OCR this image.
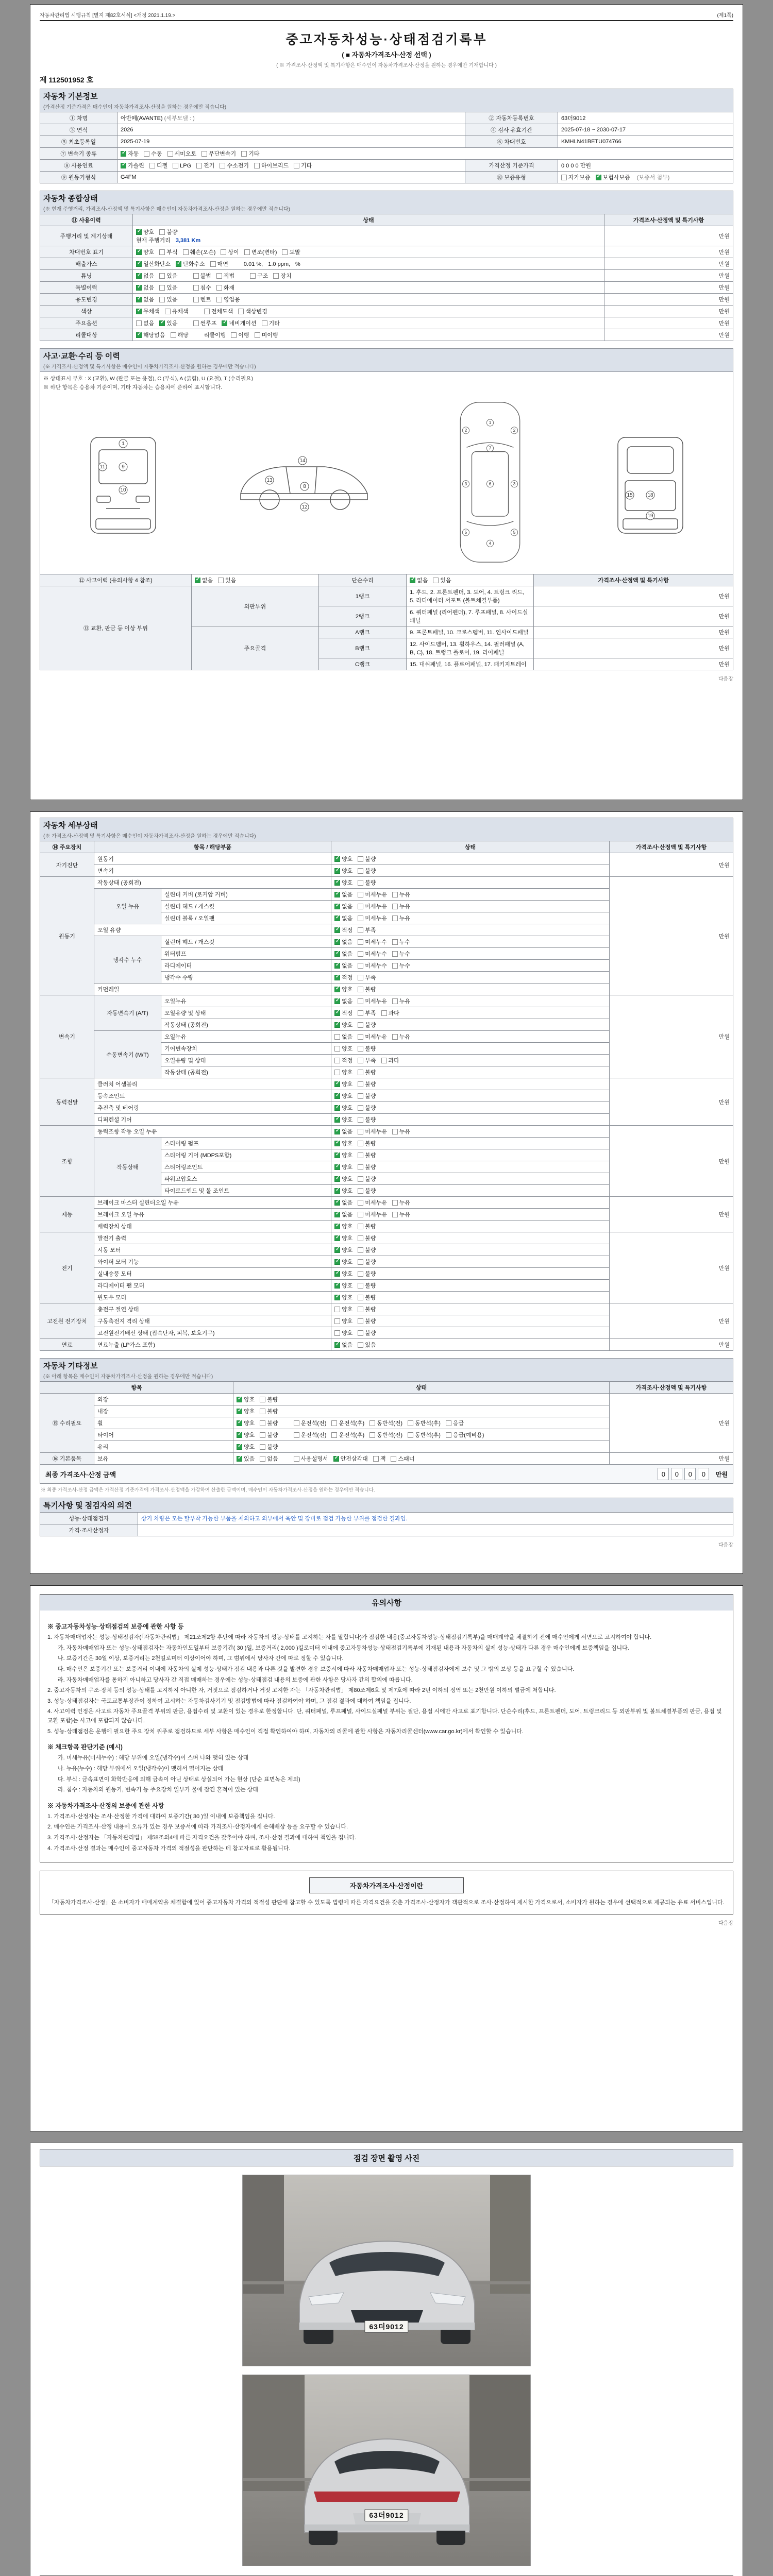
자동차관리법 시행규칙 [별지 제82호서식] <개정 2021.1.19.>	(제1쪽)
중고자동차성능·상태점검기록부
( ■ 자동차가격조사·산정 선택 )
( ※ 가격조사·산정액 및 특기사항은 매수인이 자동차가격조사·산정을 원하는 경우에만 기재합니다 )
제 112501952 호
자동차 기본정보
(가격산정 기준가격은 매수인이 자동차가격조사·산정을 원하는 경우에만 적습니다)			

① 차명	아반떼(AVANTE) (세부모델 : )	② 자동차등록번호	63더9012
③ 연식	2026	④ 검사 유효기간	2025-07-18 ~ 2030-07-17
⑤ 최초등록일	2025-07-19	⑥ 차대번호	KMHLN41BETU074766
⑦ 변속기 종류	✓자동 수동 세미오토 무단변속기 기타
⑧ 사용연료	✓가솔린 디젤 LPG 전기 수소전기 하이브리드 기타	가격산정 기준가격	0 0 0 0 만원
⑨ 원동기형식	G4FM	⑩ 보증유형	자가보증 ✓ 보험사보증 (보증서 첨부)
자동차 종합상태
(※ 현재 주행거리, 가격조사·산정액 및 특기사항은 매수인이 자동차가격조사·산정을 원하는 경우에만 적습니다)		

⑪ 사용이력	상태	가격조사·산정액 및 특기사항
주행거리 및 계기상태	✓양호 불량
현재 주행거리 3,381 Km	만원
차대번호 표기	✓양호 부식 훼손(오손) 상이 변조(변타) 도말	만원
배출가스	✓일산화탄소 ✓ 탄화수소 매연 0.01 %, 1.0 ppm, %	만원
튜닝	✓없음 있음 불법 적법 구조 장치	만원
특별이력	✓없음 있음 침수 화재	만원
용도변경	✓없음 있음 렌트 영업용	만원
색상	✓무채색 유채색 전체도색 색상변경	만원
주요옵션	없음 ✓ 있음 썬루프 ✓ 네비게이션 기타	만원
리콜대상	✓해당없음 해당 리콜이행 이행 미이행	만원
사고·교환·수리 등 이력
(※ 가격조사·산정액 및 특기사항은 매수인이 자동차가격조사·산정을 원하는 경우에만 적습니다)				

※ 상태표시 부호 : X (교환), W (판금 또는 용접), C (부식), A (긁힘), U (요철), T (수리필요)
※ 하단 항목은 승용차 기준이며, 기타 자동차는 승용차에 준하여 표시합니다.
1
9
10
11
14
13
12
8
1
6
4
2	2
3	3
5	5
7
18
19
15

⑫ 사고이력 (유의사항 4 참조)	✓없음 있음	단순수리	✓없음 있음	가격조사·산정액 및 특기사항
⑬ 교환, 판금 등 이상 부위	외판부위	1랭크	1. 후드, 2. 프론트펜더, 3. 도어, 4. 트렁크 리드, 5. 라디에이터 서포트 (볼트체결부품)	만원
		2랭크	6. 쿼터패널 (리어펜더), 7. 루프패널, 8. 사이드실패널	만원
	주요골격	A랭크	9. 프론트패널, 10. 크로스멤버, 11. 인사이드패널	만원
		B랭크	12. 사이드멤버, 13. 휠하우스, 14. 필러패널 (A, B, C), 18. 트렁크 플로어, 19. 리어패널	만원
		C랭크	15. 대쉬패널, 16. 플로어패널, 17. 패키지트레이	만원
다음장
자동차 세부상태
(※ 가격조사·산정액 및 특기사항은 매수인이 자동차가격조사·산정을 원하는 경우에만 적습니다)				

⑭ 주요장치	항목 / 해당부품		상태	가격조사·산정액 및 특기사항
자기진단	원동기	✓양호 불량	만원
	변속기	✓양호 불량
원동기	작동상태 (공회전)	✓양호 불량	만원
	오일 누유	실린더 커버 (로커암 커버)	✓없음 미세누유 누유
		실린더 헤드 / 개스킷	✓없음 미세누유 누유
		실린더 블록 / 오일팬	✓없음 미세누유 누유
	오일 유량	✓적정 부족
	냉각수 누수	실린더 헤드 / 개스킷	✓없음 미세누수 누수
		워터펌프	✓없음 미세누수 누수
		라디에이터	✓없음 미세누수 누수
		냉각수 수량	✓적정 부족
	커먼레일	✓양호 불량
변속기	자동변속기 (A/T)	오일누유	✓없음 미세누유 누유	만원
		오일유량 및 상태	✓적정 부족 과다
		작동상태 (공회전)	✓양호 불량
	수동변속기 (M/T)	오일누유	없음 미세누유 누유	
		기어변속장치	양호 불량	
		오일유량 및 상태	적정 부족 과다	
		작동상태 (공회전)	양호 불량	
동력전달	클러치 어셈블리	✓양호 불량	만원
	등속조인트	✓양호 불량
	추진축 및 베어링	✓양호 불량
	디퍼렌셜 기어	✓양호 불량
조향	동력조향 작동 오일 누유	✓없음 미세누유 누유	만원
	작동상태	스티어링 펌프	✓양호 불량
		스티어링 기어 (MDPS포함)	✓양호 불량
		스티어링조인트	✓양호 불량
		파워고압호스	✓양호 불량
		타이로드엔드 및 볼 조인트	✓양호 불량
제동	브레이크 마스터 실린더오일 누유	✓없음 미세누유 누유	만원
	브레이크 오일 누유	✓없음 미세누유 누유
	배력장치 상태	✓양호 불량
전기	발전기 출력	✓양호 불량	만원
	시동 모터	✓양호 불량
	와이퍼 모터 기능	✓양호 불량
	실내송풍 모터	✓양호 불량
	라디에이터 팬 모터	✓양호 불량
	윈도우 모터	✓양호 불량
고전원 전기장치	충전구 절연 상태		양호 불량	만원
	구동축전지 격리 상태		양호 불량	
	고전원전기배선 상태 (접속단자, 피복, 보호기구)		양호 불량	
연료	연료누출 (LP가스 포함)	✓없음 있음	만원
자동차 기타정보
(※ 아래 항목은 매수인이 자동차가격조사·산정을 원하는 경우에만 적습니다)			

항목		상태	가격조사·산정액 및 특기사항
⑮ 수리필요	외장	✓양호 불량	만원
	내장	✓양호 불량
	휠	✓양호 불량 운전석(전) 운전석(후) 동반석(전) 동반석(후) 응급
	타이어	✓양호 불량 운전석(전) 운전석(후) 동반석(전) 동반석(후) 응급(예비용)
	유리	✓양호 불량
⑯ 기본품목	보유	✓있음 없음 사용설명서 ✓ 안전삼각대 잭 스패너	만원
최종 가격조사·산정 금액	0 0 0 0 만원
※ 최종 가격조사·산정 금액은 가격산정 기준가격에 가격조사·산정액을 가감하여 산출한 금액이며, 매수인이 자동차가격조사·산정을 원하는 경우에만 적습니다.
특기사항 및 점검자의 의견	
성능·상태점검자	상기 차량은 모든 탈부착 가능한 부품을 제외하고 외부에서 육안 및 장비로 점검 가능한 부위를 점검한 결과임.
가격·조사산정자	
다음장
유의사항
※ 중고자동차성능·상태점검의 보증에 관한 사항 등
1. 자동차매매업자는 성능·상태점검자(「자동차관리법」 제21조제2항 후단에 따라 자동차의 성능·상태를 고지하는 자를 말합니다)가 점검한 내용(중고자동차성능·상태점검기록부)을 매매계약을 체결하기 전에 매수인에게 서면으로 고지하여야 합니다.
가. 자동차매매업자 또는 성능·상태점검자는 자동차인도일부터 보증기간( 30 )일, 보증거리( 2,000 )킬로미터 이내에 중고자동차성능·상태점검기록부에 기재된 내용과 자동차의 실제 성능·상태가 다른 경우 매수인에게 보증책임을 집니다.
나. 보증기간은 30일 이상, 보증거리는 2천킬로미터 이상이어야 하며, 그 범위에서 당사자 간에 따로 정할 수 있습니다.
다. 매수인은 보증기간 또는 보증거리 이내에 자동차의 실제 성능·상태가 점검 내용과 다른 것을 발견한 경우 보증서에 따라 자동차매매업자 또는 성능·상태점검자에게 보수 및 그 밖의 보상 등을 요구할 수 있습니다.
라. 자동차매매업자를 통하지 아니하고 당사자 간 직접 매매하는 경우에는 성능·상태점검 내용의 보증에 관한 사항은 당사자 간의 합의에 따릅니다.
2. 중고자동차의 구조·장치 등의 성능·상태를 고지하지 아니한 자, 거짓으로 점검하거나 거짓 고지한 자는 「자동차관리법」 제80조제6호 및 제7호에 따라 2년 이하의 징역 또는 2천만원 이하의 벌금에 처합니다.
3. 성능·상태점검자는 국토교통부장관이 정하여 고시하는 자동차검사기기 및 점검방법에 따라 점검하여야 하며, 그 점검 결과에 대하여 책임을 집니다.
4. 사고이력 인정은 사고로 자동차 주요골격 부위의 판금, 용접수리 및 교환이 있는 경우로 한정합니다. 단, 쿼터패널, 루프패널, 사이드실패널 부위는 절단, 용접 시에만 사고로 표기합니다. 단순수리(후드, 프론트펜더, 도어, 트렁크리드 등 외판부위 및 볼트체결부품의 판금, 용접 및 교환 포함)는 사고에 포함되지 않습니다.
5. 성능·상태점검은 운행에 필요한 주요 장치 위주로 점검하므로 세부 사항은 매수인이 직접 확인하여야 하며, 자동차의 리콜에 관한 사항은 자동차리콜센터(www.car.go.kr)에서 확인할 수 있습니다.
※ 체크항목 판단기준 (예시)
가. 미세누유(미세누수) : 해당 부위에 오일(냉각수)이 스며 나와 맺혀 있는 상태
나. 누유(누수) : 해당 부위에서 오일(냉각수)이 맺혀서 떨어지는 상태
다. 부식 : 금속표면이 화학반응에 의해 금속이 아닌 상태로 상실되어 가는 현상 (단순 표면녹은 제외)
라. 침수 : 자동차의 원동기, 변속기 등 주요장치 일부가 물에 잠긴 흔적이 있는 상태
※ 자동차가격조사·산정의 보증에 관한 사항
1. 가격조사·산정자는 조사·산정한 가격에 대하여 보증기간( 30 )일 이내에 보증책임을 집니다.
2. 매수인은 가격조사·산정 내용에 오류가 있는 경우 보증서에 따라 가격조사·산정자에게 손해배상 등을 요구할 수 있습니다.
3. 가격조사·산정자는 「자동차관리법」 제58조의4에 따른 자격요건을 갖추어야 하며, 조사·산정 결과에 대하여 책임을 집니다.
4. 가격조사·산정 결과는 매수인이 중고자동차 가격의 적절성을 판단하는 데 참고자료로 활용됩니다.
자동차가격조사·산정이란
「자동차가격조사·산정」은 소비자가 매매계약을 체결함에 있어 중고자동차 가격의 적절성 판단에 참고할 수 있도록 법령에 따른 자격요건을 갖춘 가격조사·산정자가 객관적으로 조사·산정하여 제시한 가격으로서, 소비자가 원하는 경우에 선택적으로 제공되는 유료 서비스입니다.
다음장
점검 장면 촬영 사진
63더9012
63더9012
